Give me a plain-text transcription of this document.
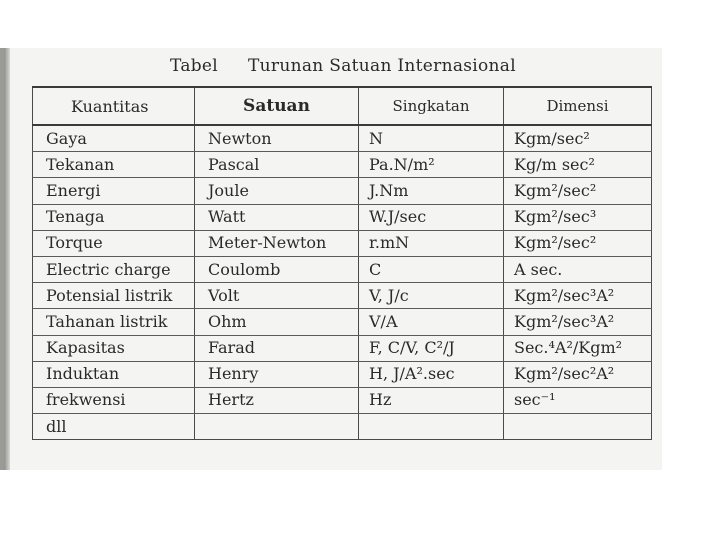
Tabel Turunan Satuan Internasional
Kuantitas	Satuan	Singkatan	Dimensi
Gaya	Newton	N	Kgm/sec²
Tekanan	Pascal	Pa.N/m²	Kg/m sec²
Energi	Joule	J.Nm	Kgm²/sec²
Tenaga	Watt	W.J/sec	Kgm²/sec³
Torque	Meter-Newton	r.mN	Kgm²/sec²
Electric charge	Coulomb	C	A sec.
Potensial listrik	Volt	V, J/c	Kgm²/sec³A²
Tahanan listrik	Ohm	V/A	Kgm²/sec³A²
Kapasitas	Farad	F, C/V, C²/J	Sec.⁴A²/Kgm²
Induktan	Henry	H, J/A².sec	Kgm²/sec²A²
frekwensi	Hertz	Hz	sec⁻¹
dll			
